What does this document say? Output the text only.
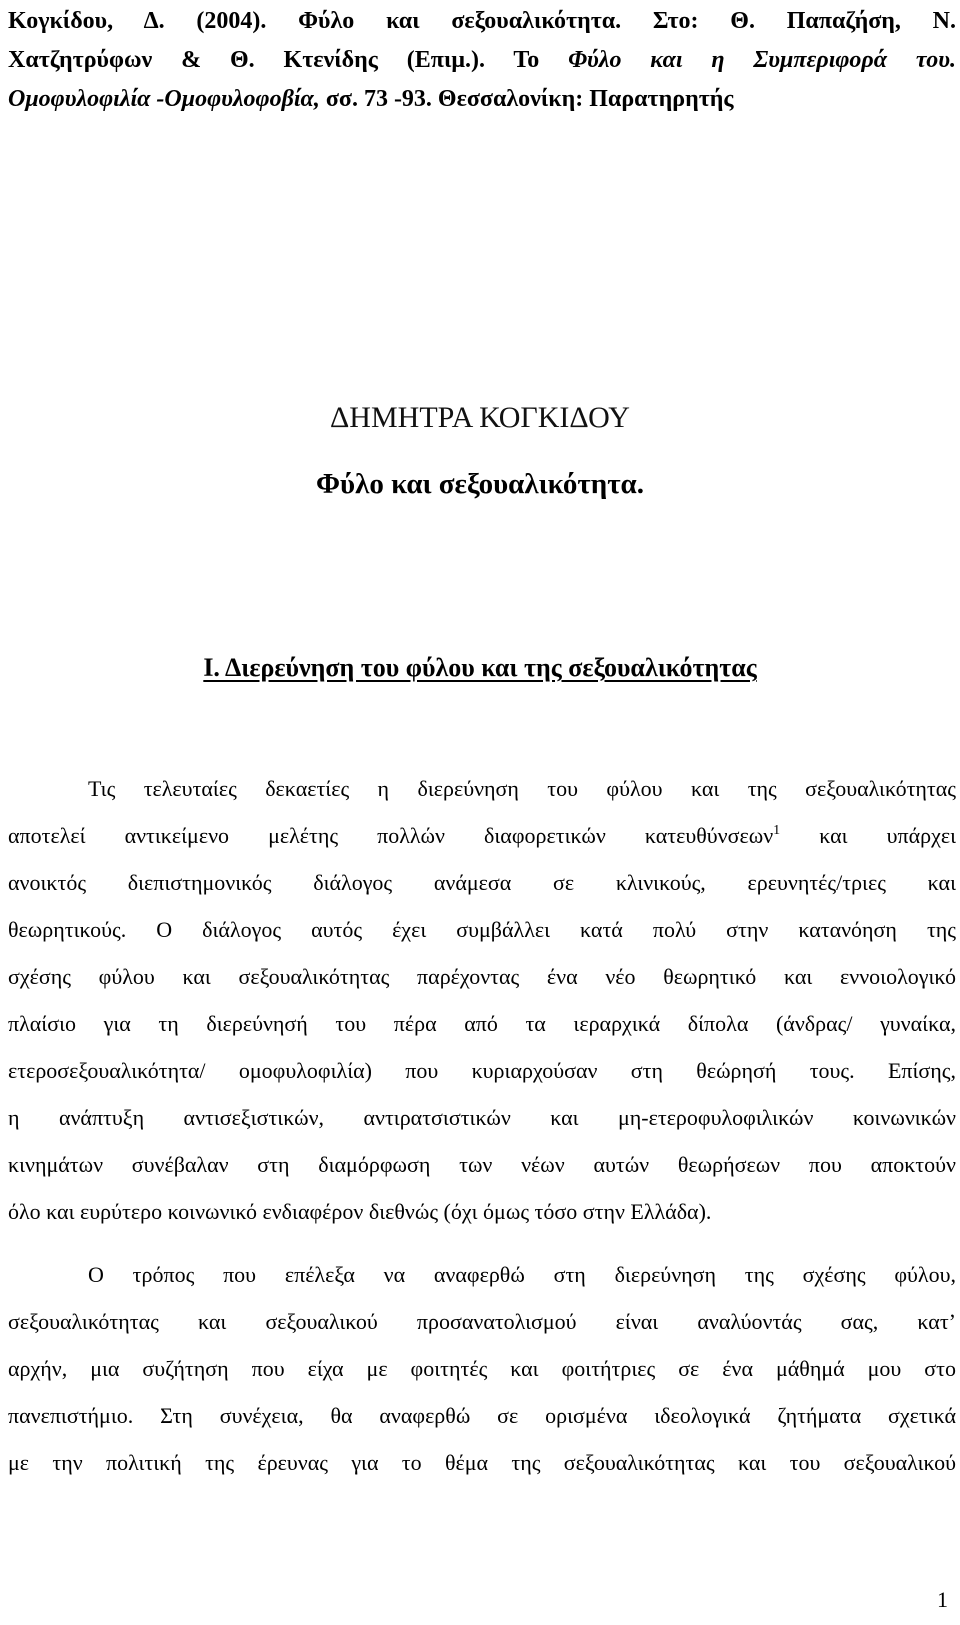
Κογκίδου, Δ. (2004). Φύλο και σεξουαλικότητα. Στο: Θ. Παπαζήση, Ν.
Χατζητρύφων & Θ. Κτενίδης (Επιμ.). Το Φύλο και η Συμπεριφορά του.
Ομοφυλοφιλία -Ομοφυλοφοβία, σσ. 73 -93. Θεσσαλονίκη: Παρατηρητής
ΔΗΜΗΤΡΑ ΚΟΓΚΙΔΟΥ
Φύλο και σεξουαλικότητα.
Ι. Διερεύνηση του φύλου και της σεξουαλικότητας
Τις τελευταίες δεκαετίες η διερεύνηση του φύλου και της σεξουαλικότητας
αποτελεί αντικείμενο μελέτης πολλών διαφορετικών κατευθύνσεων$^1$ και υπάρχει
ανοικτός διεπιστημονικός διάλογος ανάμεσα σε κλινικούς, ερευνητές/τριες και
θεωρητικούς. Ο διάλογος αυτός έχει συμβάλλει κατά πολύ στην κατανόηση της
σχέσης φύλου και σεξουαλικότητας παρέχοντας ένα νέο θεωρητικό και εννοιολογικό
πλαίσιο για τη διερεύνησή του πέρα από τα ιεραρχικά δίπολα (άνδρας/ γυναίκα,
ετεροσεξουαλικότητα/ ομοφυλοφιλία) που κυριαρχούσαν στη θεώρησή τους. Επίσης,
η ανάπτυξη αντισεξιστικών, αντιρατσιστικών και μη-ετεροφυλοφιλικών κοινωνικών
κινημάτων συνέβαλαν στη διαμόρφωση των νέων αυτών θεωρήσεων που αποκτούν
όλο και ευρύτερο κοινωνικό ενδιαφέρον διεθνώς (όχι όμως τόσο στην Ελλάδα).
Ο τρόπος που επέλεξα να αναφερθώ στη διερεύνηση της σχέσης φύλου,
σεξουαλικότητας και σεξουαλικού προσανατολισμού είναι αναλύοντάς σας, κατ’
αρχήν, μια συζήτηση που είχα με φοιτητές και φοιτήτριες σε ένα μάθημά μου στο
πανεπιστήμιο. Στη συνέχεια, θα αναφερθώ σε ορισμένα ιδεολογικά ζητήματα σχετικά
με την πολιτική της έρευνας για το θέμα της σεξουαλικότητας και του σεξουαλικού
1
